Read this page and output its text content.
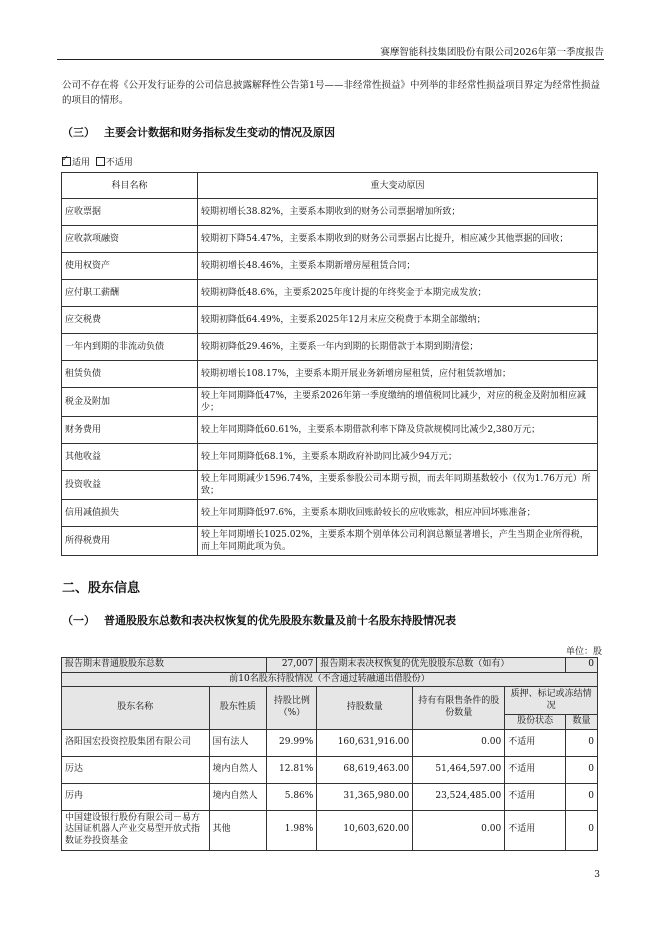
赛摩智能科技集团股份有限公司2026年第一季度报告
公司不存在将《公开发行证券的公司信息披露解释性公告第1号——非经常性损益》中列举的非经常性损益项目界定为经常性损益的项目的情形。
（三） 主要会计数据和财务指标发生变动的情况及原因
✓适用 不适用
科目名称	重大变动原因
应收票据	较期初增长38.82%，主要系本期收到的财务公司票据增加所致；
应收款项融资	较期初下降54.47%，主要系本期收到的财务公司票据占比提升，相应减少其他票据的回收；
使用权资产	较期初增长48.46%，主要系本期新增房屋租赁合同；
应付职工薪酬	较期初降低48.6%，主要系2025年度计提的年终奖金于本期完成发放；
应交税费	较期初降低64.49%，主要系2025年12月末应交税费于本期全部缴纳；
一年内到期的非流动负债	较期初降低29.46%，主要系一年内到期的长期借款于本期到期清偿；
租赁负债	较期初增长108.17%，主要系本期开展业务新增房屋租赁，应付租赁款增加；
税金及附加	较上年同期降低47%，主要系2026年第一季度缴纳的增值税同比减少，对应的税金及附加相应减少；
财务费用	较上年同期降低60.61%，主要系本期借款利率下降及贷款规模同比减少2,380万元；
其他收益	较上年同期降低68.1%，主要系本期政府补助同比减少94万元；
投资收益	较上年同期减少1596.74%，主要系参股公司本期亏损，而去年同期基数较小（仅为1.76万元）所致；
信用减值损失	较上年同期降低97.6%，主要系本期收回账龄较长的应收账款，相应冲回坏账准备；
所得税费用	较上年同期增长1025.02%，主要系本期个别单体公司利润总额显著增长，产生当期企业所得税，而上年同期此项为负。
二、股东信息
（一） 普通股股东总数和表决权恢复的优先股股东数量及前十名股东持股情况表
单位：股
报告期末普通股股东总数		27,007	报告期末表决权恢复的优先股股东总数（如有）			0
前10名股东持股情况（不含通过转融通出借股份）						
股东名称	股东性质	持股比例（%）	持股数量	持有有限售条件的股份数量	质押、标记或冻结情况	
					股份状态	数量
洛阳国宏投资控股集团有限公司	国有法人	29.99%	160,631,916.00	0.00	不适用	0
厉达	境内自然人	12.81%	68,619,463.00	51,464,597.00	不适用	0
厉冉	境内自然人	5.86%	31,365,980.00	23,524,485.00	不适用	0
中国建设银行股份有限公司－易方达国证机器人产业交易型开放式指数证券投资基金	其他	1.98%	10,603,620.00	0.00	不适用	0
3
